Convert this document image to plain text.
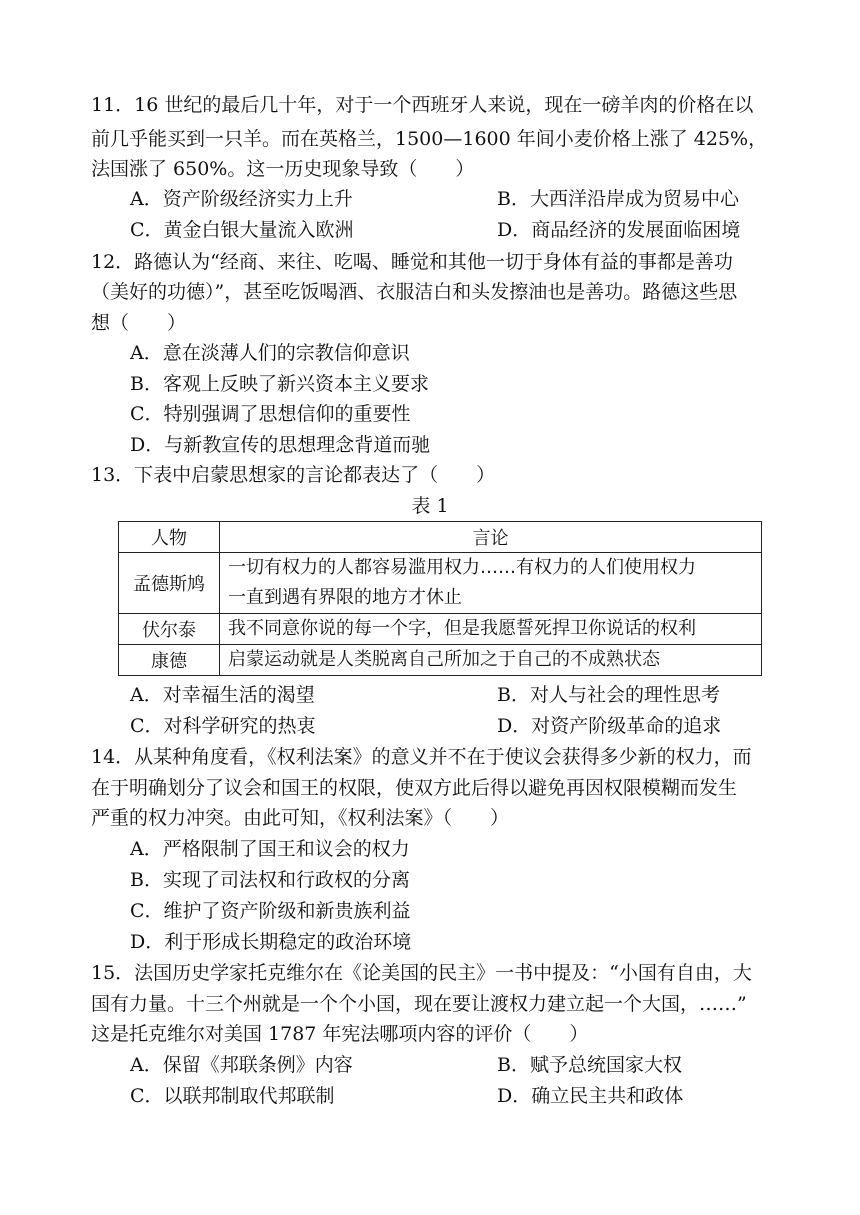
11．16 世纪的最后几十年，对于一个西班牙人来说，现在一磅羊肉的价格在以
前几乎能买到一只羊。而在英格兰，1500—1600 年间小麦价格上涨了 425%，
法国涨了 650%。这一历史现象导致（　　）
A．资产阶级经济实力上升	B．大西洋沿岸成为贸易中心
C．黄金白银大量流入欧洲	D．商品经济的发展面临困境
12．路德认为“经商、来往、吃喝、睡觉和其他一切于身体有益的事都是善功
（美好的功德）”，甚至吃饭喝酒、衣服洁白和头发擦油也是善功。路德这些思
想（　　）
A．意在淡薄人们的宗教信仰意识
B．客观上反映了新兴资本主义要求
C．特别强调了思想信仰的重要性
D．与新教宣传的思想理念背道而驰
13．下表中启蒙思想家的言论都表达了（　　）
表 1
人物	言论
孟德斯鸠	一切有权力的人都容易滥用权力……有权力的人们使用权力
一直到遇有界限的地方才休止

伏尔泰	我不同意你说的每一个字，但是我愿誓死捍卫你说话的权利
康德	启蒙运动就是人类脱离自己所加之于自己的不成熟状态
A．对幸福生活的渴望	B．对人与社会的理性思考
C．对科学研究的热衷	D．对资产阶级革命的追求
14．从某种角度看，《权利法案》的意义并不在于使议会获得多少新的权力，而
在于明确划分了议会和国王的权限，使双方此后得以避免再因权限模糊而发生
严重的权力冲突。由此可知，《权利法案》（　　）
A．严格限制了国王和议会的权力
B．实现了司法权和行政权的分离
C．维护了资产阶级和新贵族利益
D．利于形成长期稳定的政治环境
15．法国历史学家托克维尔在《论美国的民主》一书中提及：“小国有自由，大
国有力量。十三个州就是一个个小国，现在要让渡权力建立起一个大国，……”
这是托克维尔对美国 1787 年宪法哪项内容的评价（　　）
A．保留《邦联条例》内容	B．赋予总统国家大权
C．以联邦制取代邦联制	D．确立民主共和政体
